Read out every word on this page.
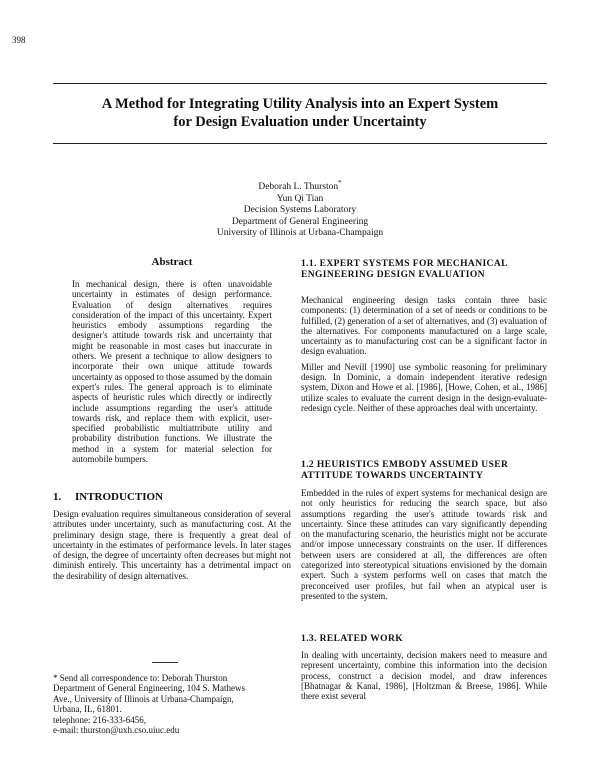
398
A Method for Integrating Utility Analysis into an Expert System
for Design Evaluation under Uncertainty
Deborah L. Thurston*
Yun Qi Tian
Decision Systems Laboratory
Department of General Engineering
University of Illinois at Urbana-Champaign
Abstract

In mechanical design, there is often unavoidable uncertainty in estimates of design performance. Evaluation of design alternatives requires consideration of the impact of this uncertainty. Expert heuristics embody assumptions regarding the designer's attitude towards risk and uncertainty that might be reasonable in most cases but inaccurate in others. We present a technique to allow designers to incorporate their own unique attitude towards uncertainty as opposed to those assumed by the domain expert's rules. The general approach is to eliminate aspects of heuristic rules which directly or indirectly include assumptions regarding the user's attitude towards risk, and replace them with explicit, user-specified probabilistic multiattribute utility and probability distribution functions. We illustrate the method in a system for material selection for automobile bumpers.

1. INTRODUCTION

Design evaluation requires simultaneous consideration of several attributes under uncertainty, such as manufacturing cost. At the preliminary design stage, there is frequently a great deal of uncertainty in the estimates of performance levels. In later stages of design, the degree of uncertainty often decreases but might not diminish entirely. This uncertainty has a detrimental impact on the desirability of design alternatives.

* Send all correspondence to: Deborah Thurston
Department of General Engineering, 104 S. Mathews
Ave., University of Illinois at Urbana-Champaign,
Urbana, IL, 61801.
telephone: 216-333-6456,
e-mail: thurston@uxh.cso.uiuc.edu
1.1. EXPERT SYSTEMS FOR MECHANICAL ENGINEERING DESIGN EVALUATION

Mechanical engineering design tasks contain three basic components: (1) determination of a set of needs or conditions to be fulfilled, (2) generation of a set of alternatives, and (3) evaluation of the alternatives. For components manufactured on a large scale, uncertainty as to manufacturing cost can be a significant factor in design evaluation.

Miller and Nevill [1990] use symbolic reasoning for preliminary design. In Dominic, a domain independent iterative redesign system, Dixon and Howe et al. [1986], [Howe, Cohen, et al., 1986] utilize scales to evaluate the current design in the design-evaluate-redesign cycle. Neither of these approaches deal with uncertainty.

1.2 HEURISTICS EMBODY ASSUMED USER ATTITUDE TOWARDS UNCERTAINTY

Embedded in the rules of expert systems for mechanical design are not only heuristics for reducing the search space, but also assumptions regarding the user's attitude towards risk and uncertainty. Since these attitudes can vary significantly depending on the manufacturing scenario, the heuristics might not be accurate and/or impose unnecessary constraints on the user. If differences between users are considered at all, the differences are often categorized into stereotypical situations envisioned by the domain expert. Such a system performs well on cases that match the preconceived user profiles, but fail when an atypical user is presented to the system.

1.3. RELATED WORK

In dealing with uncertainty, decision makers need to measure and represent uncertainty, combine this information into the decision process, construct a decision model, and draw inferences [Bhatnagar & Kanal, 1986], [Holtzman & Breese, 1986]. While there exist several
